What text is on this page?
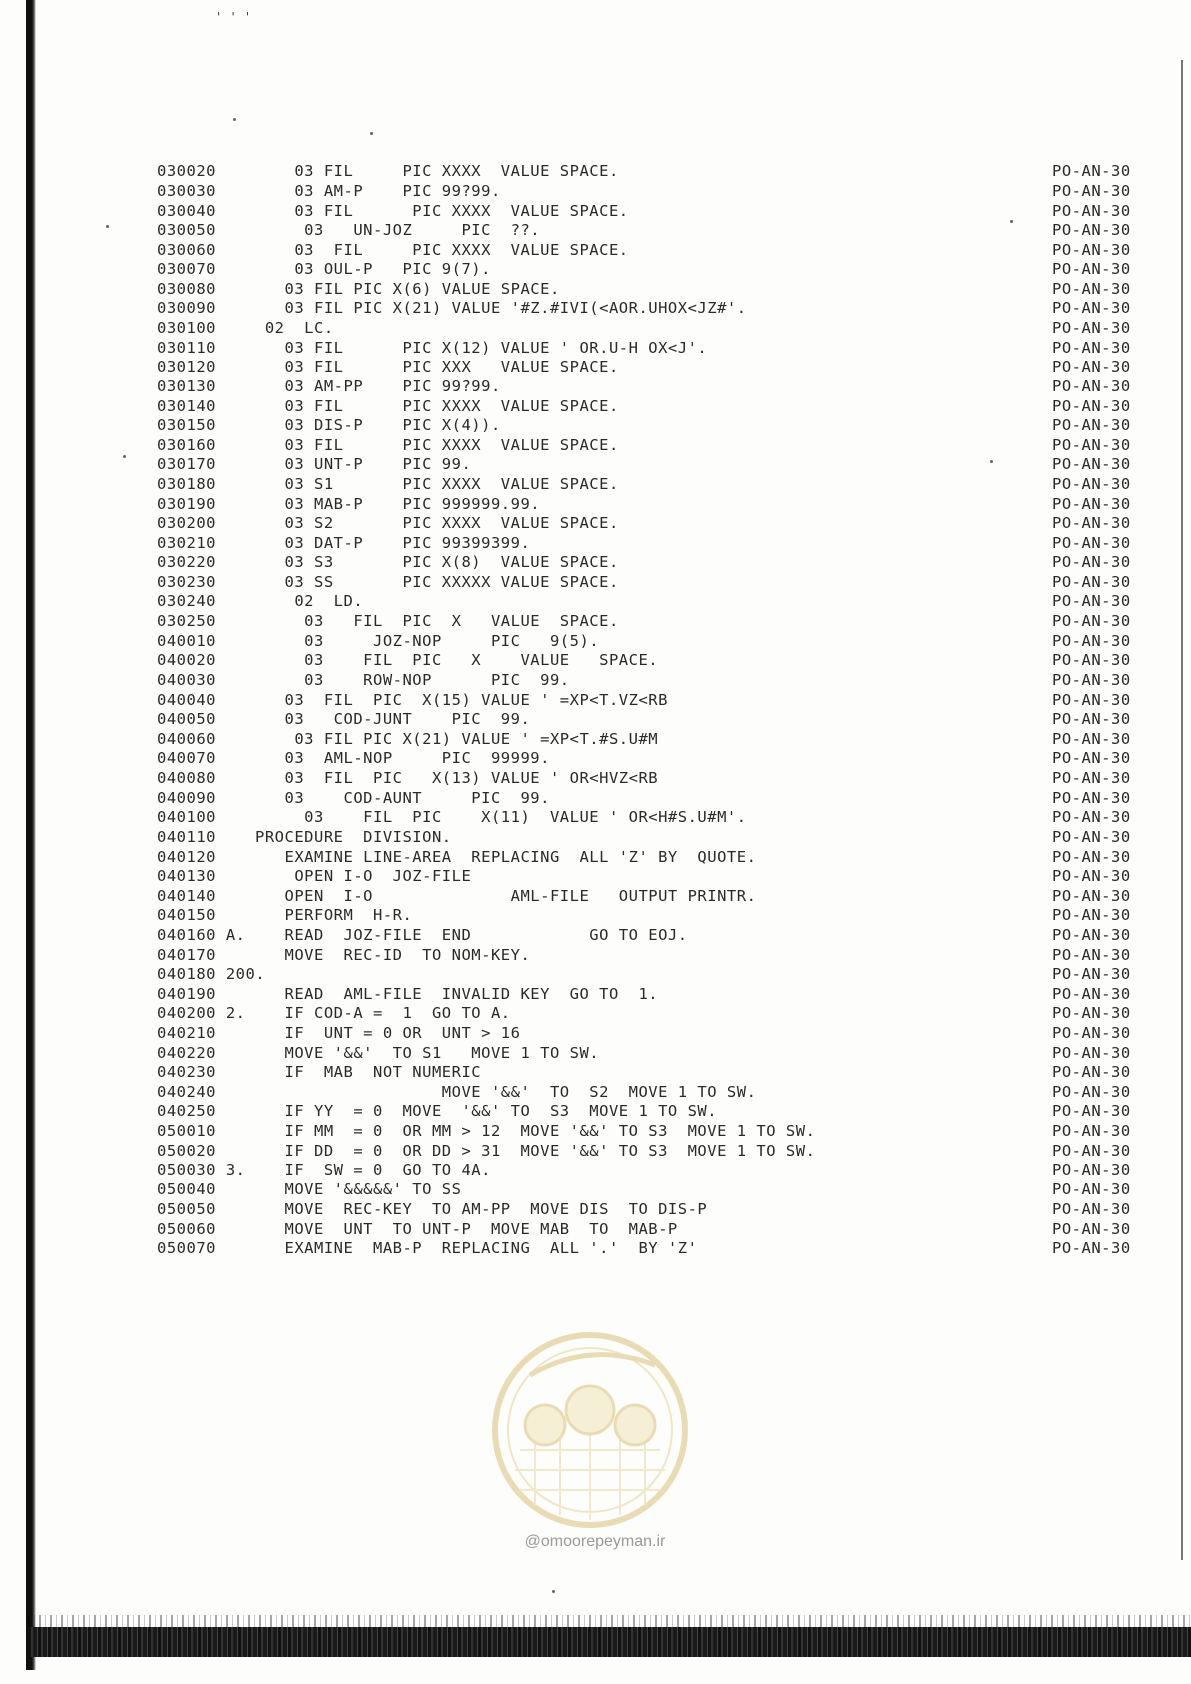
' ' '
030020	03 FIL     PIC XXXX  VALUE SPACE.	PO-AN-30
030030	03 AM-P    PIC 99?99.	PO-AN-30
030040	03 FIL      PIC XXXX  VALUE SPACE.	PO-AN-30
030050	03   UN-JOZ     PIC  ??.	PO-AN-30
030060	03  FIL     PIC XXXX  VALUE SPACE.	PO-AN-30
030070	03 OUL-P   PIC 9(7).	PO-AN-30
030080	03 FIL PIC X(6) VALUE SPACE.	PO-AN-30
030090	03 FIL PIC X(21) VALUE '#Z.#IVI(<AOR.UHOX<JZ#'.	PO-AN-30
030100	02  LC.	PO-AN-30
030110	03 FIL      PIC X(12) VALUE ' OR.U-H OX<J'.	PO-AN-30
030120	03 FIL      PIC XXX   VALUE SPACE.	PO-AN-30
030130	03 AM-PP    PIC 99?99.	PO-AN-30
030140	03 FIL      PIC XXXX  VALUE SPACE.	PO-AN-30
030150	03 DIS-P    PIC X(4)).	PO-AN-30
030160	03 FIL      PIC XXXX  VALUE SPACE.	PO-AN-30
030170	03 UNT-P    PIC 99.	PO-AN-30
030180	03 S1       PIC XXXX  VALUE SPACE.	PO-AN-30
030190	03 MAB-P    PIC 999999.99.	PO-AN-30
030200	03 S2       PIC XXXX  VALUE SPACE.	PO-AN-30
030210	03 DAT-P    PIC 99399399.	PO-AN-30
030220	03 S3       PIC X(8)  VALUE SPACE.	PO-AN-30
030230	03 SS       PIC XXXXX VALUE SPACE.	PO-AN-30
030240	02  LD.	PO-AN-30
030250	03   FIL  PIC  X   VALUE  SPACE.	PO-AN-30
040010	03     JOZ-NOP     PIC   9(5).	PO-AN-30
040020	03    FIL  PIC   X    VALUE   SPACE.	PO-AN-30
040030	03    ROW-NOP      PIC  99.	PO-AN-30
040040	03  FIL  PIC  X(15) VALUE ' =XP<T.VZ<RB	PO-AN-30
040050	03   COD-JUNT    PIC  99.	PO-AN-30
040060	03 FIL PIC X(21) VALUE ' =XP<T.#S.U#M	PO-AN-30
040070	03  AML-NOP     PIC  99999.	PO-AN-30
040080	03  FIL  PIC   X(13) VALUE ' OR<HVZ<RB	PO-AN-30
040090	03    COD-AUNT     PIC  99.	PO-AN-30
040100	03    FIL  PIC    X(11)  VALUE ' OR<H#S.U#M'.	PO-AN-30
040110	PROCEDURE  DIVISION.	PO-AN-30
040120	EXAMINE LINE-AREA  REPLACING  ALL 'Z' BY  QUOTE.	PO-AN-30
040130	OPEN I-O  JOZ-FILE	PO-AN-30
040140	OPEN  I-O              AML-FILE   OUTPUT PRINTR.	PO-AN-30
040150	PERFORM  H-R.	PO-AN-30
040160 A. READ  JOZ-FILE  END            GO TO EOJ.	PO-AN-30
040170	MOVE  REC-ID  TO NOM-KEY.	PO-AN-30
040180 200.	PO-AN-30
040190	READ  AML-FILE  INVALID KEY  GO TO  1.	PO-AN-30
040200 2. IF COD-A =  1  GO TO A.	PO-AN-30
040210	IF  UNT = 0 OR  UNT > 16	PO-AN-30
040220	MOVE '&&'  TO S1   MOVE 1 TO SW.	PO-AN-30
040230	IF  MAB  NOT NUMERIC	PO-AN-30
040240	MOVE '&&'  TO  S2  MOVE 1 TO SW.	PO-AN-30
040250	IF YY  = 0  MOVE  '&&' TO  S3  MOVE 1 TO SW.	PO-AN-30
050010	IF MM  = 0  OR MM > 12  MOVE '&&' TO S3  MOVE 1 TO SW.	PO-AN-30
050020	IF DD  = 0  OR DD > 31  MOVE '&&' TO S3  MOVE 1 TO SW.	PO-AN-30
050030 3. IF  SW = 0  GO TO 4A.	PO-AN-30
050040	MOVE '&&&&&' TO SS	PO-AN-30
050050	MOVE  REC-KEY  TO AM-PP  MOVE DIS  TO DIS-P	PO-AN-30
050060	MOVE  UNT  TO UNT-P  MOVE MAB  TO  MAB-P	PO-AN-30
050070	EXAMINE  MAB-P  REPLACING  ALL '.'  BY 'Z'	PO-AN-30
@omoorepeyman.ir
